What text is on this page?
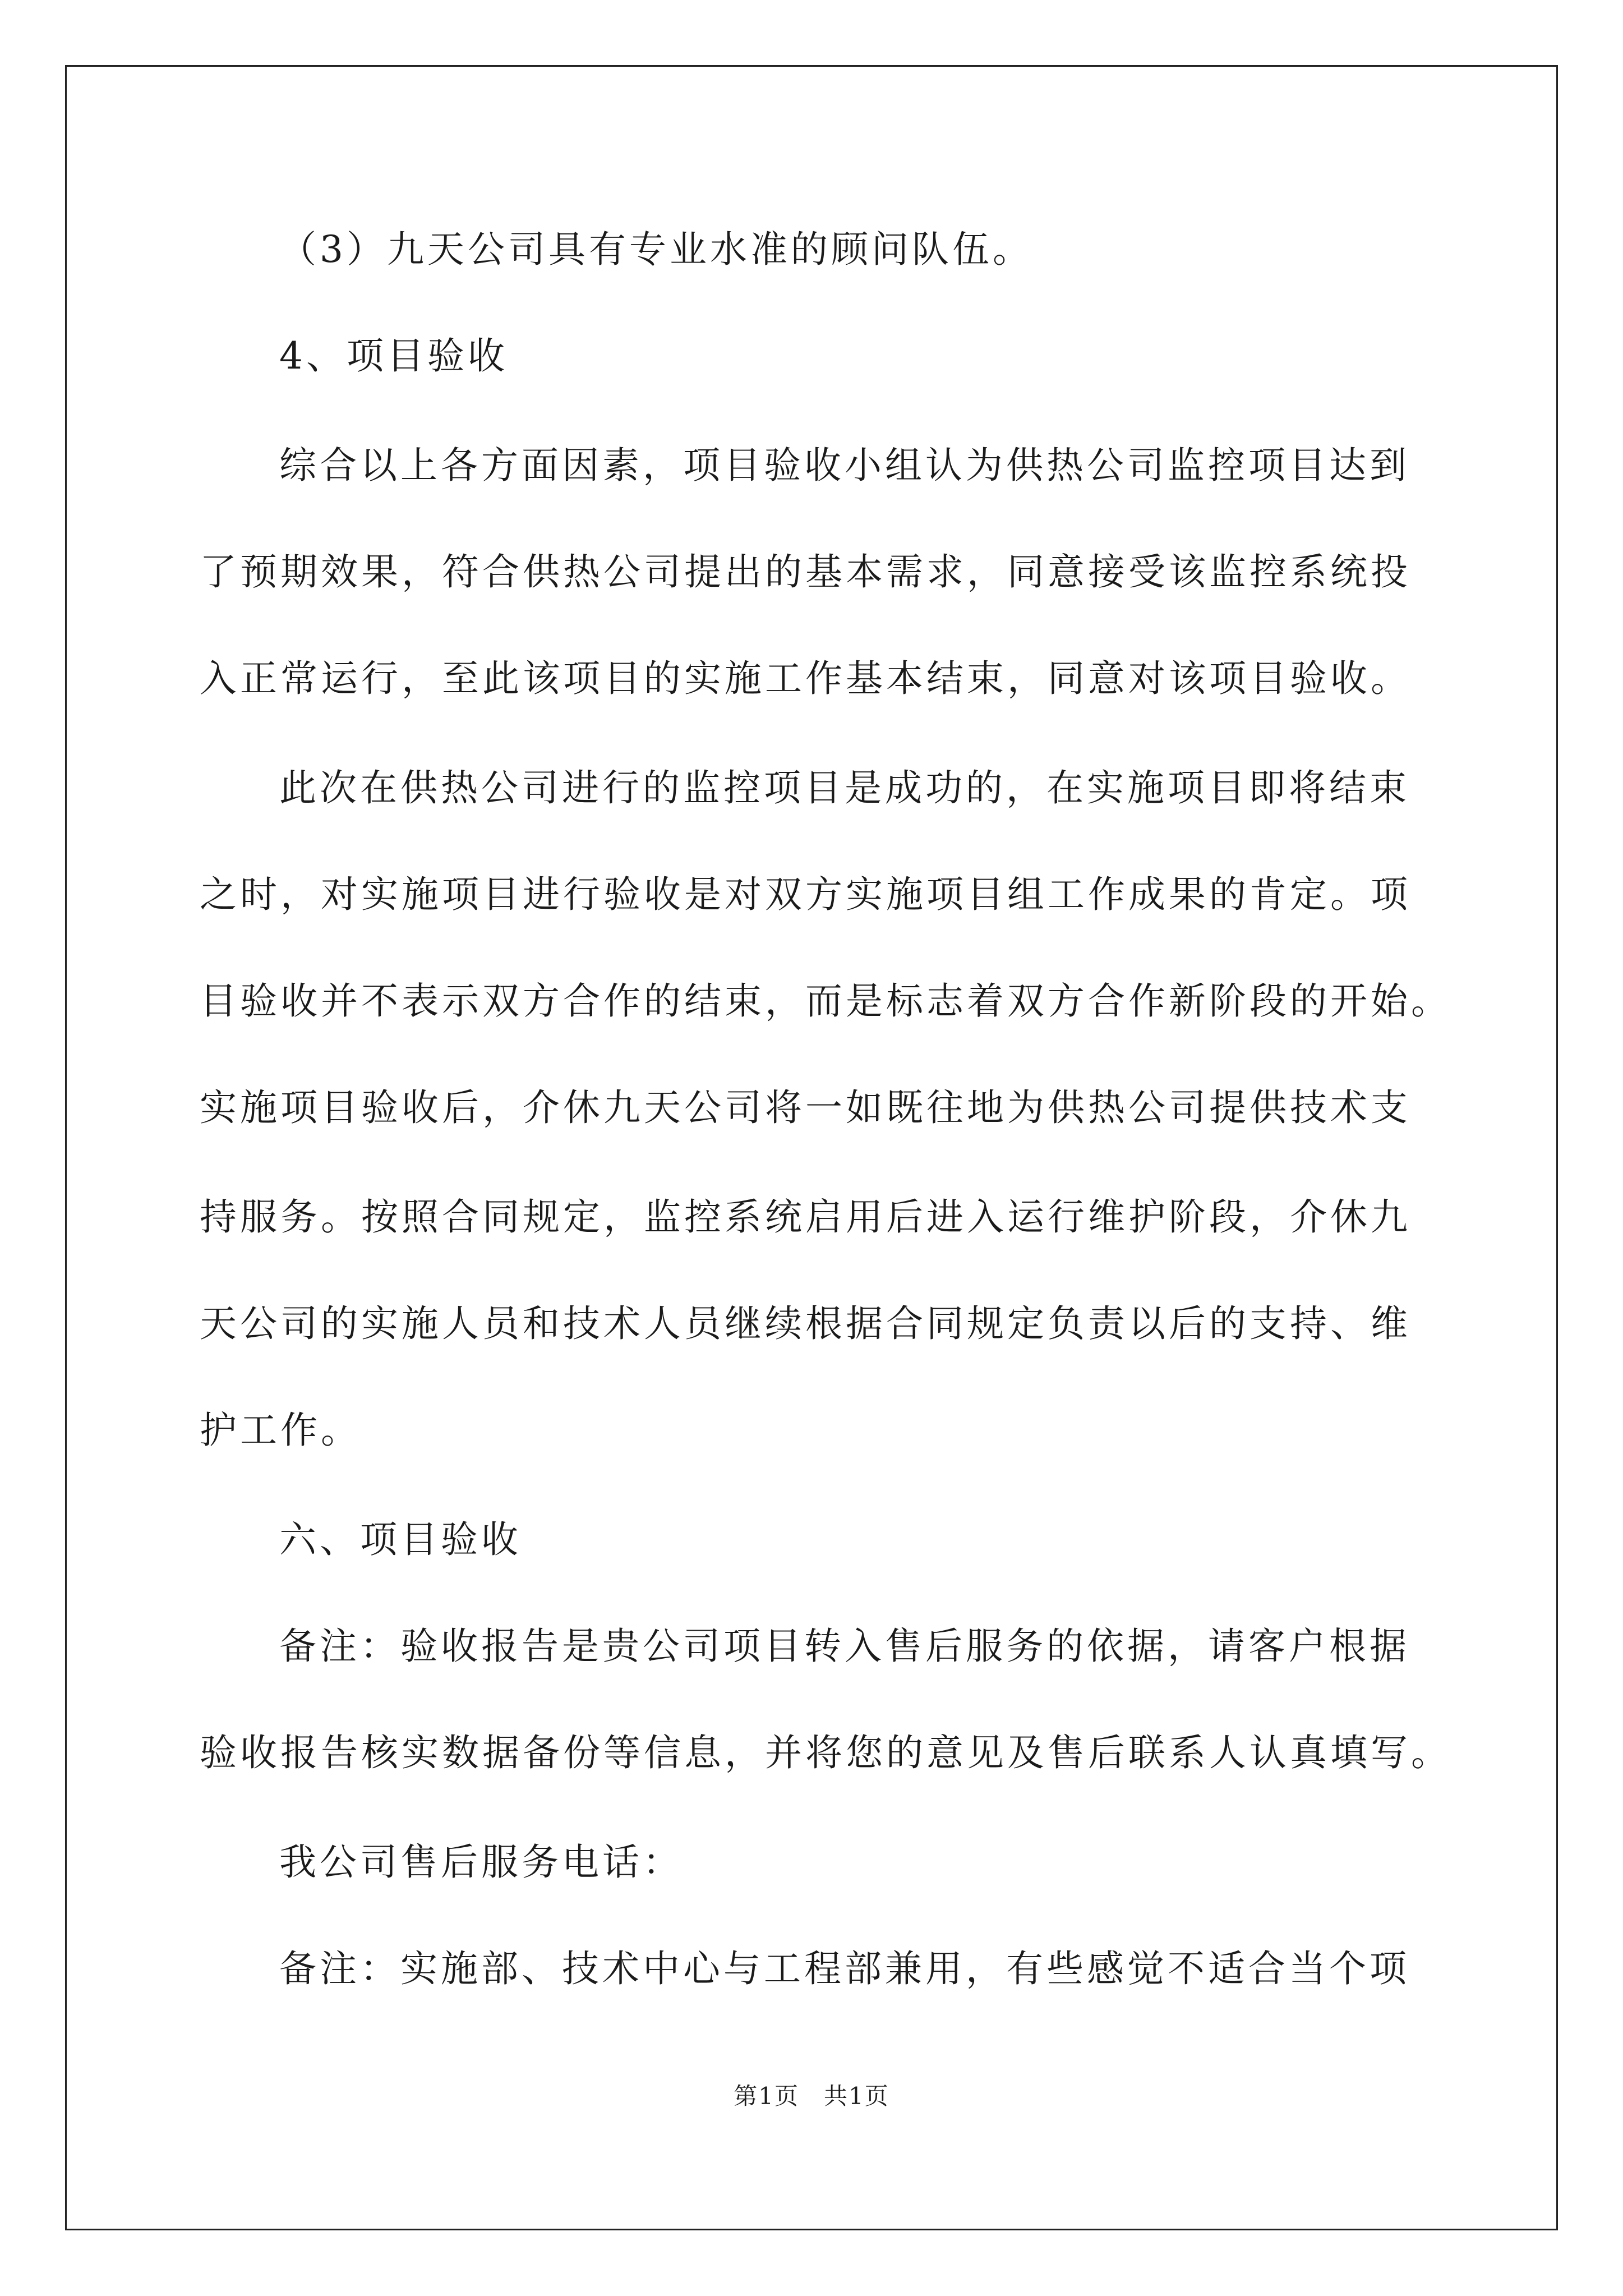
（3）九天公司具有专业水准的顾问队伍。
4、项目验收
综合以上各方面因素，项目验收小组认为供热公司监控项目达到
了预期效果，符合供热公司提出的基本需求，同意接受该监控系统投
入正常运行，至此该项目的实施工作基本结束，同意对该项目验收。
此次在供热公司进行的监控项目是成功的，在实施项目即将结束
之时，对实施项目进行验收是对双方实施项目组工作成果的肯定。项
目验收并不表示双方合作的结束，而是标志着双方合作新阶段的开始。
实施项目验收后，介休九天公司将一如既往地为供热公司提供技术支
持服务。按照合同规定，监控系统启用后进入运行维护阶段，介休九
天公司的实施人员和技术人员继续根据合同规定负责以后的支持、维
护工作。
六、项目验收
备注：验收报告是贵公司项目转入售后服务的依据，请客户根据
验收报告核实数据备份等信息，并将您的意见及售后联系人认真填写。
我公司售后服务电话：
备注：实施部、技术中心与工程部兼用，有些感觉不适合当个项
第1页　共1页
